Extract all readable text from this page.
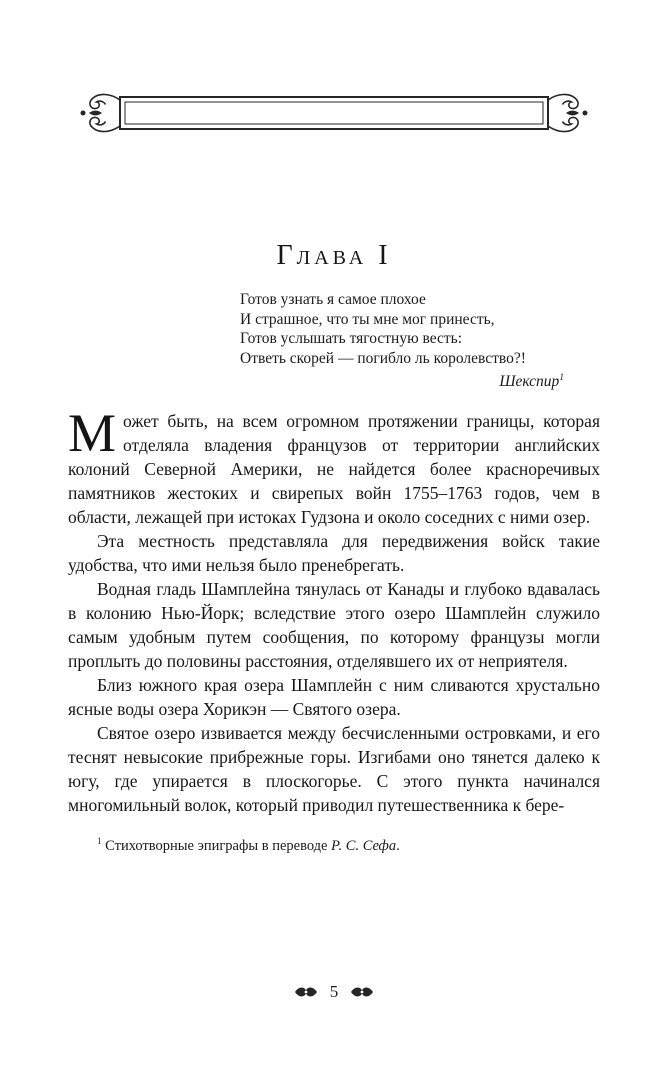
Глава I
Готов узнать я самое плохое
И страшное, что ты мне мог принесть,
Готов услышать тягостную весть:
Ответь скорей — погибло ль королевство?!
Шекспир$^1$

Может быть, на всем огромном протяжении границы, которая отделяла владения французов от территории английских колоний Северной Америки, не найдется более красноречивых памятников жестоких и свирепых войн 1755–1763 годов, чем в области, лежащей при истоках Гудзона и около соседних с ними озер.

Эта местность представляла для передвижения войск такие удобства, что ими нельзя было пренебрегать.

Водная гладь Шамплейна тянулась от Канады и глубоко вдавалась в колонию Нью-Йорк; вследствие этого озеро Шамплейн служило самым удобным путем сообщения, по которому французы могли проплыть до половины расстояния, отделявшего их от неприятеля.

Близ южного края озера Шамплейн с ним сливаются хрустально ясные воды озера Хорикэн — Святого озера.

Святое озеро извивается между бесчисленными островками, и его теснят невысокие прибрежные горы. Изгибами оно тянется далеко к югу, где упирается в плоскогорье. С этого пункта начинался многомильный волок, который приводил путешественника к бере-

$^1$ Стихотворные эпиграфы в переводе Р. С. Сефа.
5
